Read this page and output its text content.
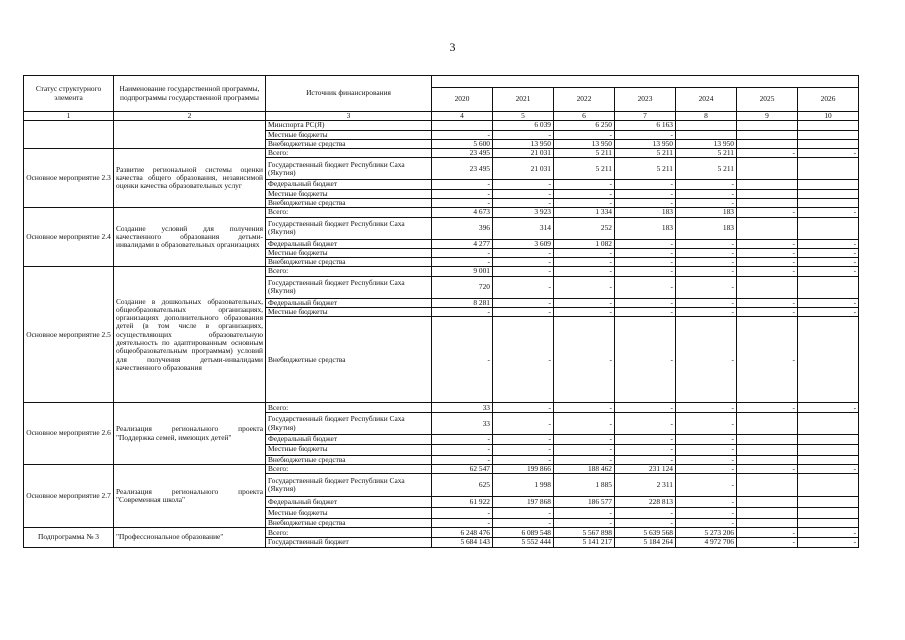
3
Статус структурного элемента	Наименование государственной программы, подпрограммы государственной программы	Источник финансирования							
			2020	2021	2022	2023	2024	2025	2026
1	2	3	4	5	6	7	8	9	10
		Минспорта РС(Я)		6 039	6 250	6 163			
		Местные бюджеты	-	-	-	-			
		Внебюджетные средства	5 600	13 950	13 950	13 950	13 950		
Основное мероприятие 2.3	Развитие региональной системы оценки качества общего образования, независимой оценки качества образовательных услуг	Всего:	23 495	21 031	5 211	5 211	5 211	-	-
		Государственный бюджет Республики Саха (Якутия)	23 495	21 031	5 211	5 211	5 211		
		Федеральный бюджет	-	-	-	-	-		
		Местные бюджеты	-	-	-	-	-		
		Внебюджетные средства	-	-	-	-	-		
Основное мероприятие 2.4	Создание условий для получения качественного образования детьми-инвалидами в образовательных организациях	Всего:	4 673	3 923	1 334	183	183	-	-
		Государственный бюджет Республики Саха (Якутия)	396	314	252	183	183		
		Федеральный бюджет	4 277	3 609	1 082	-	-	-	-
		Местные бюджеты	-	-	-	-	-	-	-
		Внебюджетные средства	-	-	-	-	-	-	-
Основное мероприятие 2.5	Создание в дошкольных образовательных, общеобразовательных организациях, организациях дополнительного образования детей (в том числе в организациях, осуществляющих образовательную деятельность по адаптированным основным общеобразовательным программам) условий для получения детьми-инвалидами качественного образования	Всего:	9 001	-	-	-	-	-	-
		Государственный бюджет Республики Саха (Якутия)	720	-	-	-	-		
		Федеральный бюджет	8 281	-	-	-	-	-	-
		Местные бюджеты	-	-	-	-	-	-	-
		Внебюджетные средства	-	-	-	-	-	-	
Основное мероприятие 2.6	Реализация регионального проекта "Поддержка семей, имеющих детей"	Всего:	33	-	-	-	-	-	-
		Государственный бюджет Республики Саха (Якутия)	33	-	-	-	-		
		Федеральный бюджет	-	-	-	-	-		
		Местные бюджеты	-	-	-	-	-		
		Внебюджетные средства	-	-	-	-	-		
Основное мероприятие 2.7	Реализация регионального проекта "Современная школа"	Всего:	62 547	199 866	188 462	231 124	-	-	-
		Государственный бюджет Республики Саха (Якутия)	625	1 998	1 885	2 311	-		
		Федеральный бюджет	61 922	197 868	186 577	228 813	-		
		Местные бюджеты	-	-	-	-	-		
		Внебюджетные средства	-	-	-	-	-		
Подпрограмма № 3	"Профессиональное образование"	Всего:	6 248 476	6 089 548	5 567 898	5 639 568	5 273 206	-	-
		Государственный бюджет	5 684 143	5 552 444	5 141 217	5 184 264	4 972 706	-	-
